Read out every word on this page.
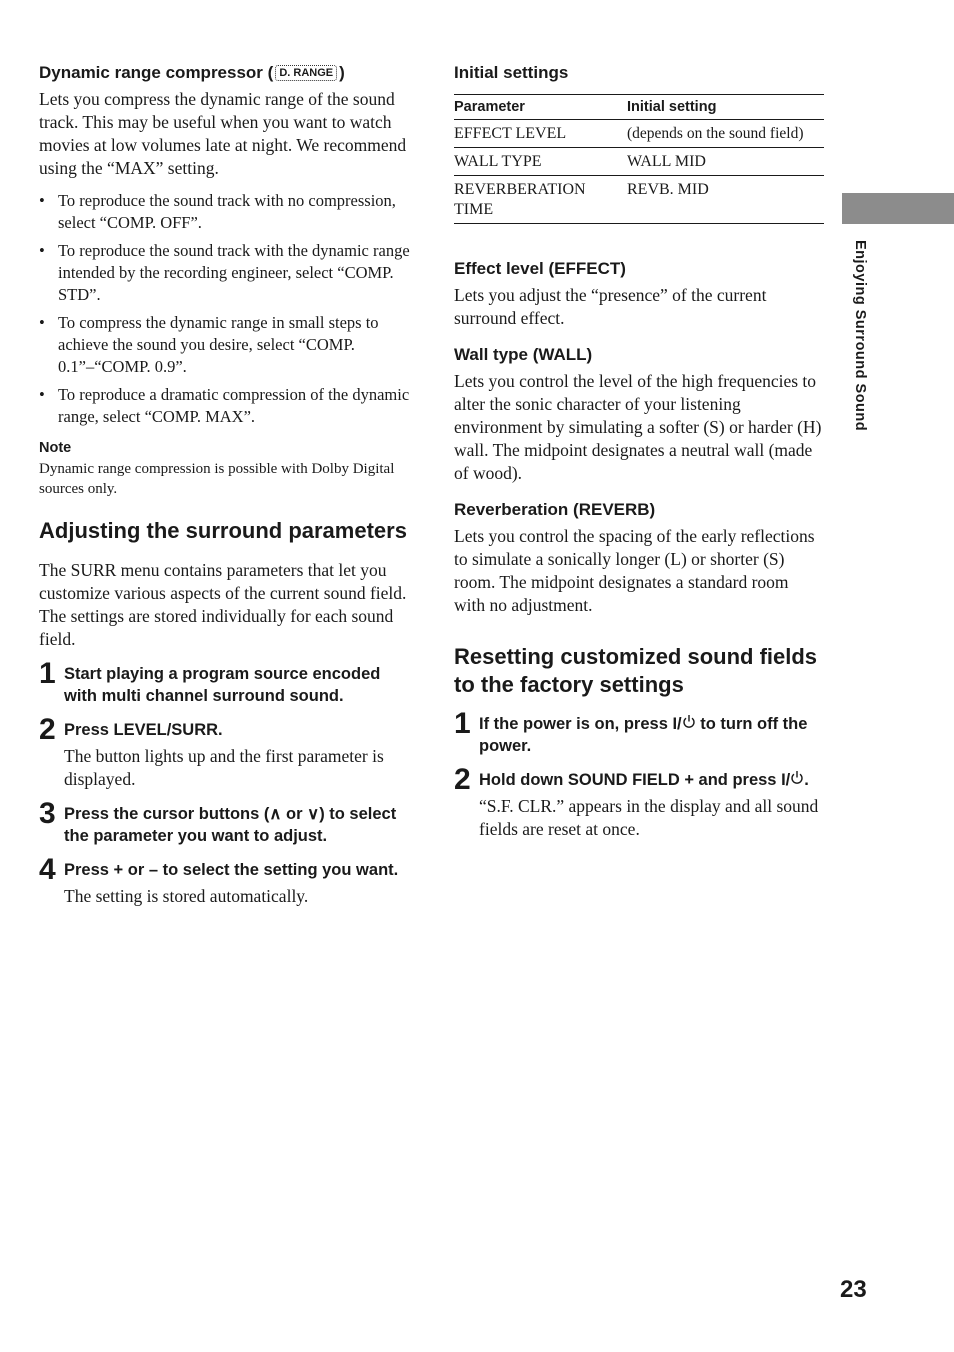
Dynamic range compressor ( D. RANGE )

Lets you compress the dynamic range of the sound track. This may be useful when you want to watch movies at low volumes late at night. We recommend using the “MAX” setting.

• To reproduce the sound track with no compression, select “COMP. OFF”.
• To reproduce the sound track with the dynamic range intended by the recording engineer, select “COMP. STD”.
• To compress the dynamic range in small steps to achieve the sound you desire, select “COMP. 0.1”–“COMP. 0.9”.
• To reproduce a dramatic compression of the dynamic range, select “COMP. MAX”.

Note

Dynamic range compression is possible with Dolby Digital sources only.

Adjusting the surround parameters

The SURR menu contains parameters that let you customize various aspects of the current sound field. The settings are stored individually for each sound field.

1 Start playing a program source encoded with multi channel surround sound.

2 Press LEVEL/SURR.

The button lights up and the first parameter is displayed.

3 Press the cursor buttons (∧ or ∨) to select the parameter you want to adjust.

4 Press + or – to select the setting you want.

The setting is stored automatically.

Initial settings

Parameter	Initial setting
EFFECT LEVEL	(depends on the sound field)
WALL TYPE	WALL MID
REVERBERATION TIME	REVB. MID

Effect level (EFFECT)

Lets you adjust the “presence” of the current surround effect.

Wall type (WALL)

Lets you control the level of the high frequencies to alter the sonic character of your listening environment by simulating a softer (S) or harder (H) wall. The midpoint designates a neutral wall (made of wood).

Reverberation (REVERB)

Lets you control the spacing of the early reflections to simulate a sonically longer (L) or shorter (S) room. The midpoint designates a standard room with no adjustment.

Resetting customized sound fields to the factory settings
1 If the power is on, press I/ to turn off the power.

2 Hold down SOUND FIELD + and press I/ .

“S.F. CLR.” appears in the display and all sound fields are reset at once.

Enjoying Surround Sound
23
